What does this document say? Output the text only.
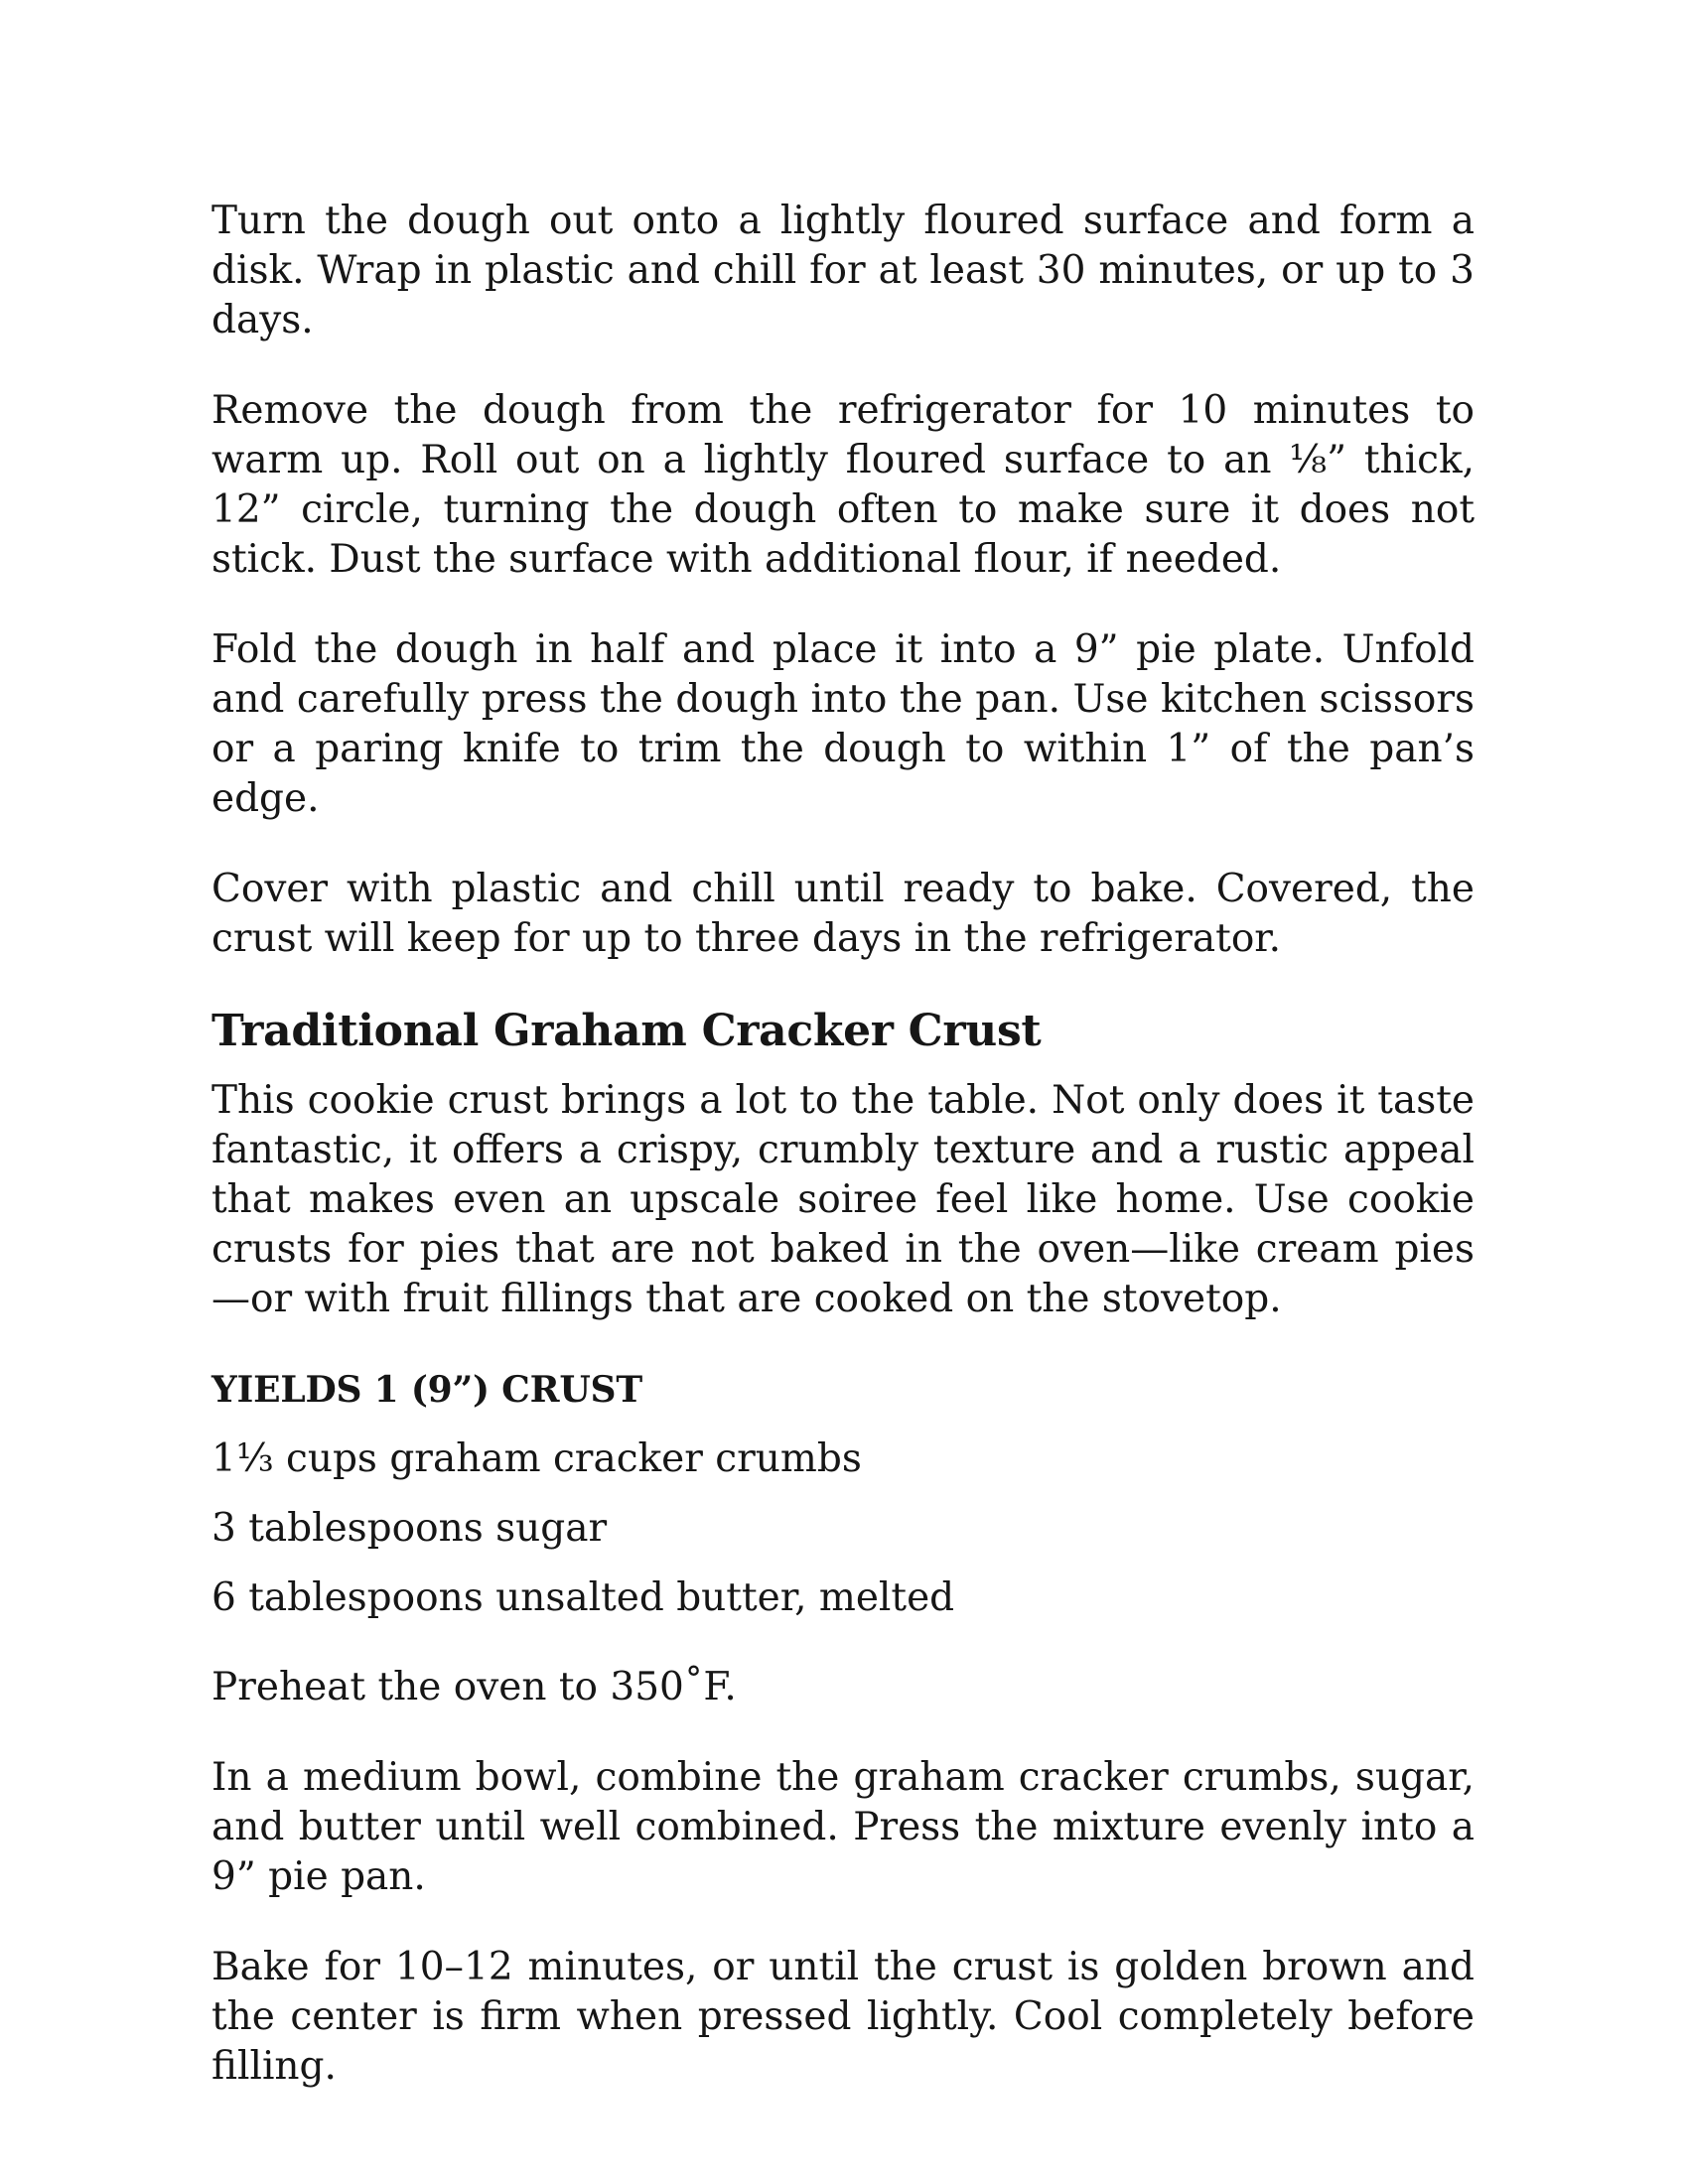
Turn the dough out onto a lightly floured surface and form a disk. Wrap in plastic and chill for at least 30 minutes, or up to 3 days.

Remove the dough from the refrigerator for 10 minutes to warm up. Roll out on a lightly floured surface to an ⅛” thick, 12” circle, turning the dough often to make sure it does not stick. Dust the surface with additional flour, if needed.

Fold the dough in half and place it into a 9” pie plate. Unfold and carefully press the dough into the pan. Use kitchen scissors or a paring knife to trim the dough to within 1” of the pan’s edge.

Cover with plastic and chill until ready to bake. Covered, the crust will keep for up to three days in the refrigerator.

Traditional Graham Cracker Crust

This cookie crust brings a lot to the table. Not only does it taste fantastic, it offers a crispy, crumbly texture and a rustic appeal that makes even an upscale soiree feel like home. Use cookie crusts for pies that are not baked in the oven—like cream pies—or with fruit fillings that are cooked on the stovetop.

YIELDS 1 (9”) CRUST
1⅓ cups graham cracker crumbs
3 tablespoons sugar
6 tablespoons unsalted butter, melted

Preheat the oven to 350˚F.

In a medium bowl, combine the graham cracker crumbs, sugar, and butter until well combined. Press the mixture evenly into a 9” pie pan.

Bake for 10–12 minutes, or until the crust is golden brown and the center is firm when pressed lightly. Cool completely before filling.
